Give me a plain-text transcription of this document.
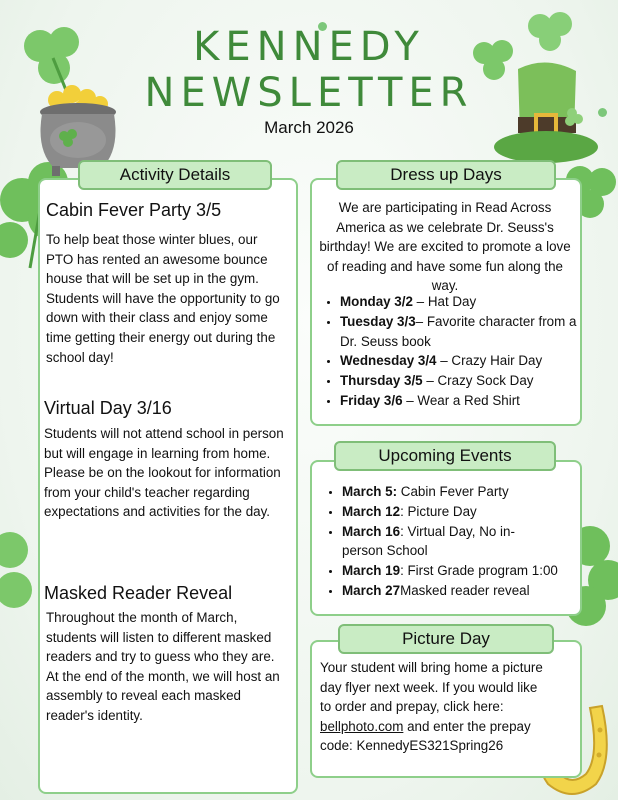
KENNEDY
NEWSLETTER
March 2026
Activity Details
Cabin Fever Party 3/5
To help beat those winter blues, our PTO has rented an awesome bounce house that will be set up in the gym. Students will have the opportunity to go down with their class and enjoy some time getting their energy out during the school day!
Virtual Day 3/16
Students will not attend school in person but will engage in learning from home. Please be on the lookout for information from your child's teacher regarding expectations and activities for the day.
Masked Reader Reveal
Throughout the month of March, students will listen to different masked readers and try to guess who they are. At the end of the month, we will host an assembly to reveal each masked reader's identity.
Dress up Days
We are participating in Read Across America as we celebrate Dr. Seuss's birthday! We are excited to promote a love of reading and have some fun along the way.
• Monday 3/2 – Hat Day
• Tuesday 3/3– Favorite character from a Dr. Seuss book
• Wednesday 3/4 – Crazy Hair Day
• Thursday 3/5 – Crazy Sock Day
• Friday 3/6 – Wear a Red Shirt
Upcoming Events
• March 5: Cabin Fever Party
• March 12: Picture Day
• March 16: Virtual Day, No in-person School
• March 19: First Grade program 1:00
• March 27Masked reader reveal
Picture Day
Your student will bring home a picture day flyer next week. If you would like to order and prepay, click here: bellphoto.com and enter the prepay code: KennedyES321Spring26
